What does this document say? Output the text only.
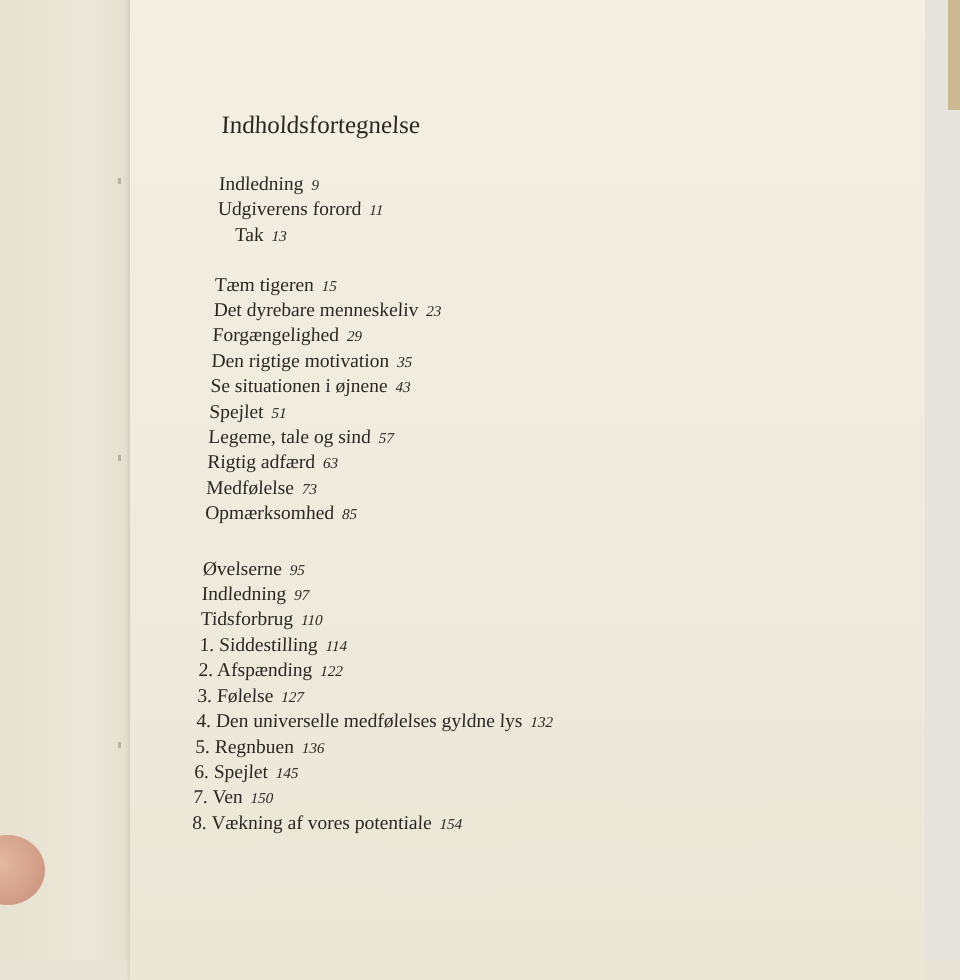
Indholdsfortegnelse
Indledning 9
Udgiverens forord 11
Tak 13
Tæm tigeren 15
Det dyrebare menneskeliv 23
Forgængelighed 29
Den rigtige motivation 35
Se situationen i øjnene 43
Spejlet 51
Legeme, tale og sind 57
Rigtig adfærd 63
Medfølelse 73
Opmærksomhed 85
Øvelserne 95
Indledning 97
Tidsforbrug 110
1. Siddestilling 114
2. Afspænding 122
3. Følelse 127
4. Den universelle medfølelses gyldne lys 132
5. Regnbuen 136
6. Spejlet 145
7. Ven 150
8. Vækning af vores potentiale 154
